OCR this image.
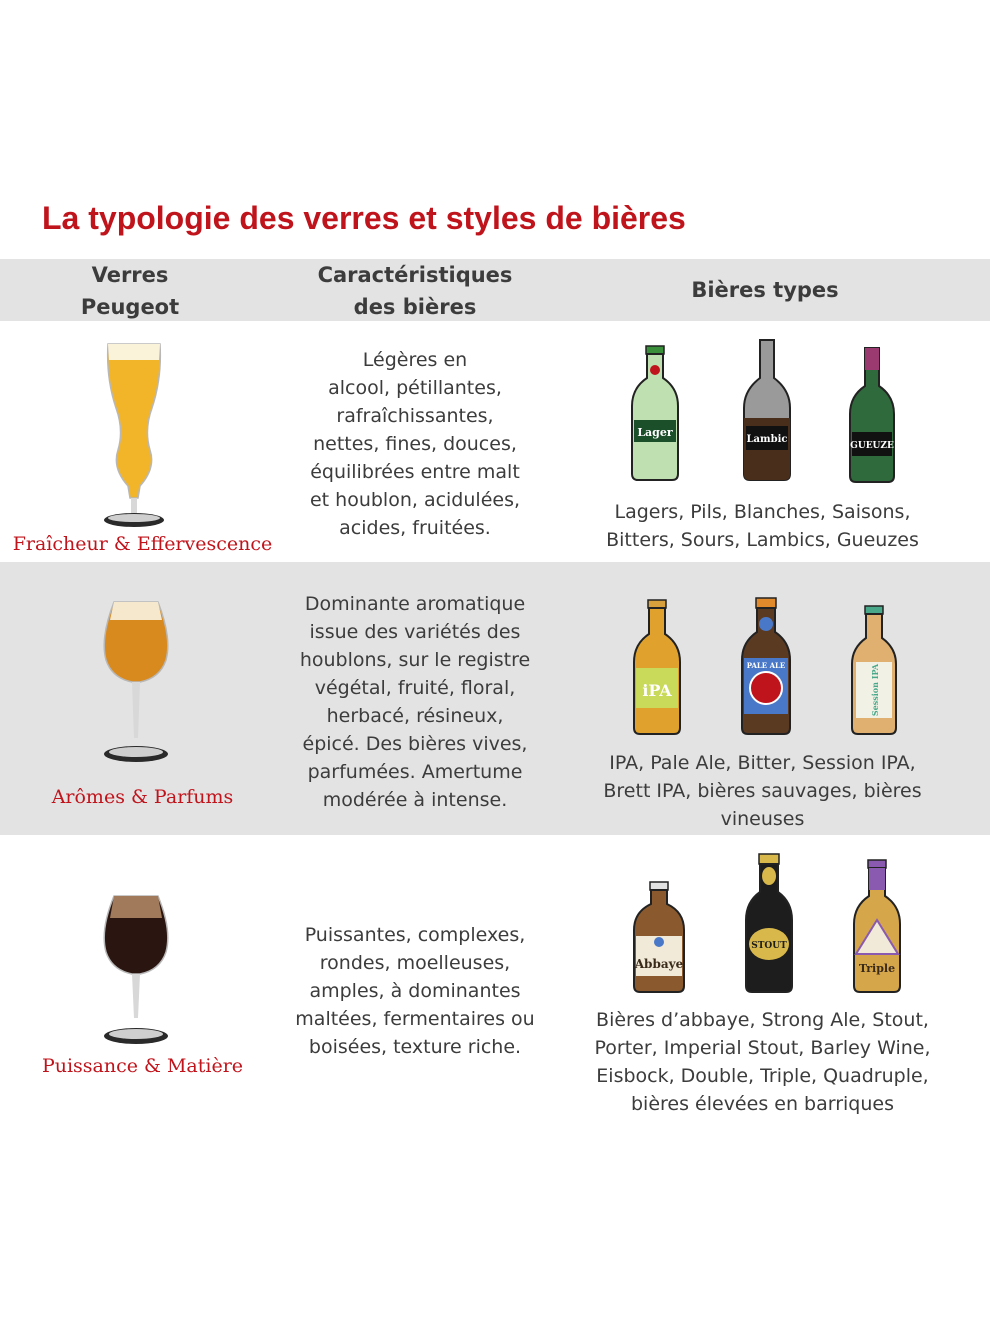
La typologie des verres et styles de bières
Verres
Peugeot
Caractéristiques
des bières
Bières types
Fraîcheur & Effervescence
Légères en
alcool, pétillantes,
rafraîchissantes,
nettes, fines, douces,
équilibrées entre malt
et houblon, acidulées,
acides, fruitées.
Lager
Lambic
GUEUZE
Lagers, Pils, Blanches, Saisons,
Bitters, Sours, Lambics, Gueuzes
Arômes & Parfums
Dominante aromatique
issue des variétés des
houblons, sur le registre
végétal, fruité, floral,
herbacé, résineux,
épicé. Des bières vives,
parfumées. Amertume
modérée à intense.
iPA
PALE ALE	Session IPA
IPA, Pale Ale, Bitter, Session IPA,
Brett IPA, bières sauvages, bières
vineuses
Puissance & Matière
Puissantes, complexes,
rondes, moelleuses,
amples, à dominantes
maltées, fermentaires ou
boisées, texture riche.
Abbaye
STOUT
Triple
Bières d’abbaye, Strong Ale, Stout,
Porter, Imperial Stout, Barley Wine,
Eisbock, Double, Triple, Quadruple,
bières élevées en barriques
